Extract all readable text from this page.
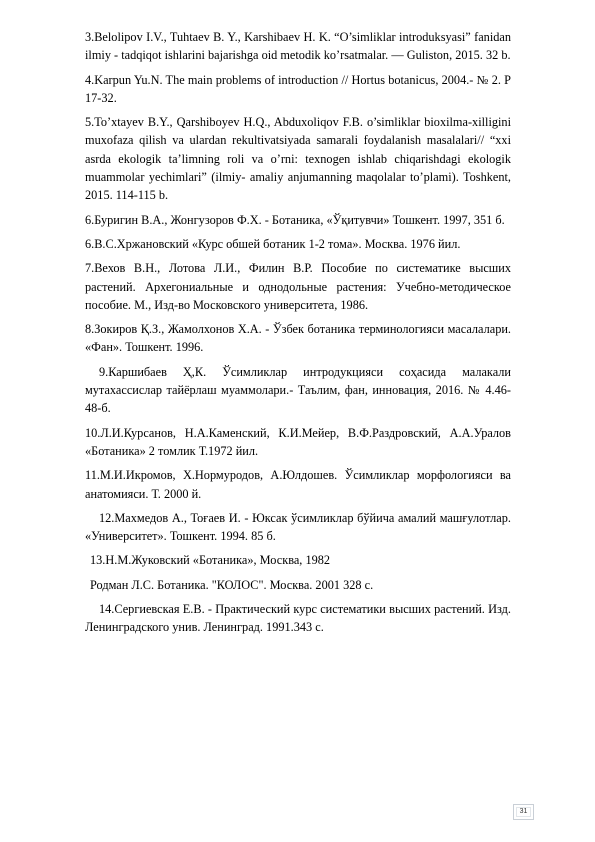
3.Belolipov I.V., Tuhtaev B. Y., Karshibaev H. K. “O’simliklar introduksyasi” fanidan ilmiy - tadqiqot ishlarini bajarishga oid metodik ko’rsatmalar. — Guliston, 2015. 32 b.

4.Karpun Yu.N. The main problems of introduction // Hortus botanicus, 2004.- № 2. P 17-32.

5.To’xtayev B.Y., Qarshiboyev H.Q., Abduxoliqov F.B. o’simliklar bioxilma-xilligini muxofaza qilish va ulardan rekultivatsiyada samarali foydalanish masalalari// “xxi asrda ekologik ta’limning roli va o’rni: texnogen ishlab chiqarishdagi ekologik muammolar yechimlari” (ilmiy- amaliy anjumanning maqolalar to’plami). Toshkent, 2015. 114-115 b.

6.Буригин В.А., Жонгузоров Ф.Х. - Ботаника, «Ўқитувчи» Тошкент. 1997, 351 б.

6.В.С.Хржановский «Курс обшей ботаник 1-2 тома». Москва. 1976 йил.

7.Вехов В.Н., Лотова Л.И., Филин В.Р. Пособие по систематике высших растений. Архегониальные и однодольные растения: Учебно-методическое пособие. М., Изд-во Московского университета, 1986.

8.Зокиров Қ.З., Жамолхонов Х.А. - Ўзбек ботаника терминологияси масалалари. «Фан». Тошкент. 1996.

9.Каршибаев Ҳ,К. Ўсимликлар интродукцияси соҳасида малакали мутахассислар тайёрлаш муаммолари.- Таълим, фан, инновация, 2016. № 4.46-48-б.

10.Л.И.Курсанов, Н.А.Каменский, К.И.Мейер, В.Ф.Раздровский, А.А.Уралов «Ботаника» 2 томлик Т.1972 йил.

11.М.И.Икромов, Х.Нормуродов, А.Юлдошев. Ўсимликлар морфологияси ва анатомияси. Т. 2000 й.

12.Махмедов А., Тоғаев И. - Юксак ўсимликлар бўйича амалий машғулотлар. «Университет». Тошкент. 1994. 85 б.

13.Н.М.Жуковский «Ботаника», Москва, 1982

Родман Л.С. Ботаника. "КОЛОС". Москва. 2001 328 с.

14.Сергиевская Е.В. - Практический курс систематики высших растений. Изд. Ленинградского унив. Ленинград. 1991.343 с.

31
